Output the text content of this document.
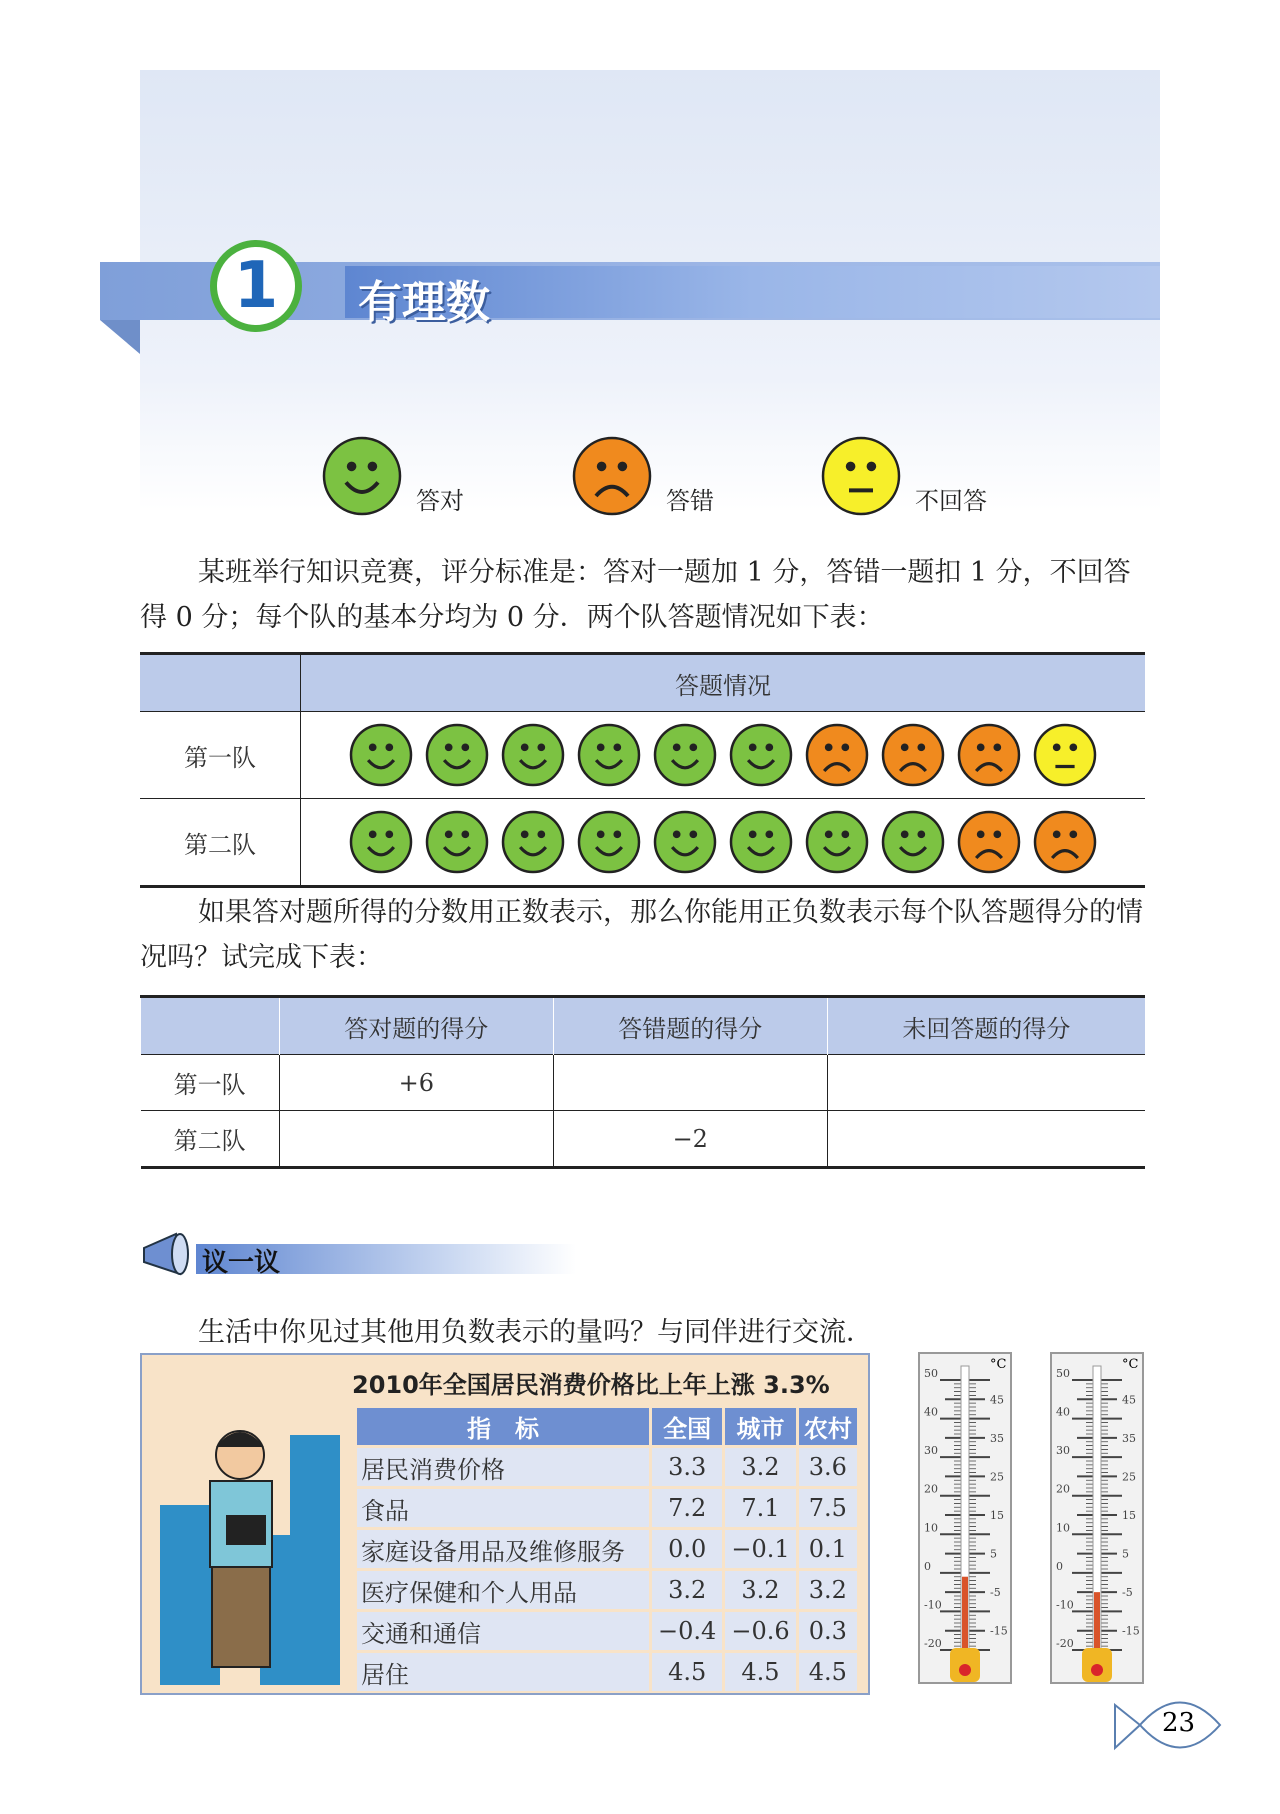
有理数
1
答对	答错	不回答
某班举行知识竞赛，评分标准是：答对一题加 1 分，答错一题扣 1 分，不回答得 0 分；每个队的基本分均为 0 分．两个队答题情况如下表：
	答题情况
第一队	
第二队	
如果答对题所得的分数用正数表示，那么你能用正负数表示每个队答题得分的情况吗？试完成下表：
	答对题的得分	答错题的得分	未回答题的得分
第一队	+6		
第二队		−2	
议一议
生活中你见过其他用负数表示的量吗？与同伴进行交流．
2010年全国居民消费价格比上年上涨 3.3%
指　标	全国	城市	农村
居民消费价格	3.3	3.2	3.6
食品	7.2	7.1	7.5
家庭设备用品及维修服务	0.0	−0.1	0.1
医疗保健和个人用品	3.2	3.2	3.2
交通和通信	−0.4	−0.6	0.3
居住	4.5	4.5	4.5
50
40
30
20
10
0
-10
-20
45
35
25
15
5
-5
-15
°C
50
40
30
20
10
0
-10
-20
45
35
25
15
5
-5
-15
°C
23
